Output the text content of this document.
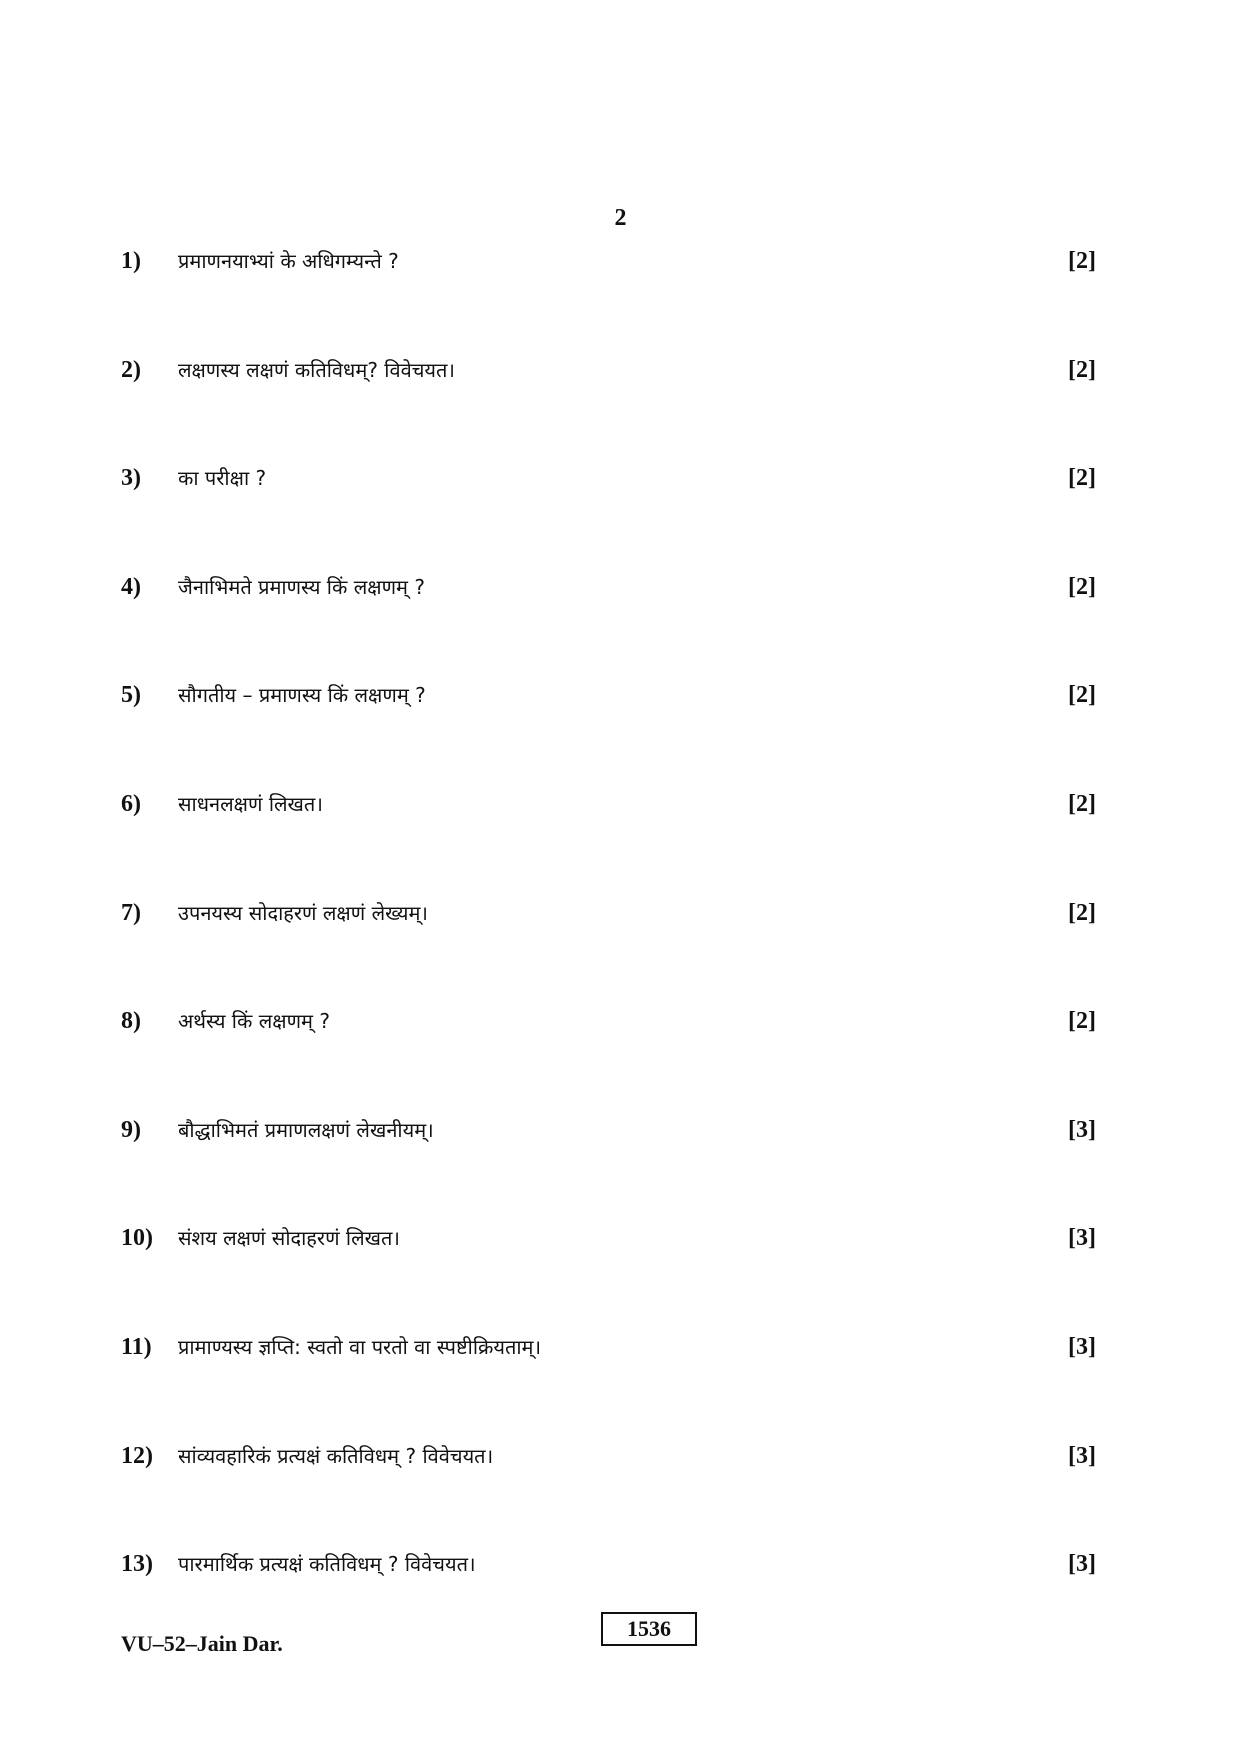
2
1) प्रमाणनयाभ्यां के अधिगम्यन्ते ?	[2]
2) लक्षणस्य लक्षणं कतिविधम्? विवेचयत।	[2]
3) का परीक्षा ?	[2]
4) जैनाभिमते प्रमाणस्य किं लक्षणम् ?	[2]
5) सौगतीय – प्रमाणस्य किं लक्षणम् ?	[2]
6) साधनलक्षणं लिखत।	[2]
7) उपनयस्य सोदाहरणं लक्षणं लेख्यम्।	[2]
8) अर्थस्य किं लक्षणम् ?	[2]
9) बौद्धाभिमतं प्रमाणलक्षणं लेखनीयम्।	[3]
10) संशय लक्षणं सोदाहरणं लिखत।	[3]
11) प्रामाण्यस्य ज्ञप्ति: स्वतो वा परतो वा स्पष्टीक्रियताम्।	[3]
12) सांव्यवहारिकं प्रत्यक्षं कतिविधम् ? विवेचयत।	[3]
13) पारमार्थिक प्रत्यक्षं कतिविधम् ? विवेचयत।	[3]
VU–52–Jain Dar.
1536
